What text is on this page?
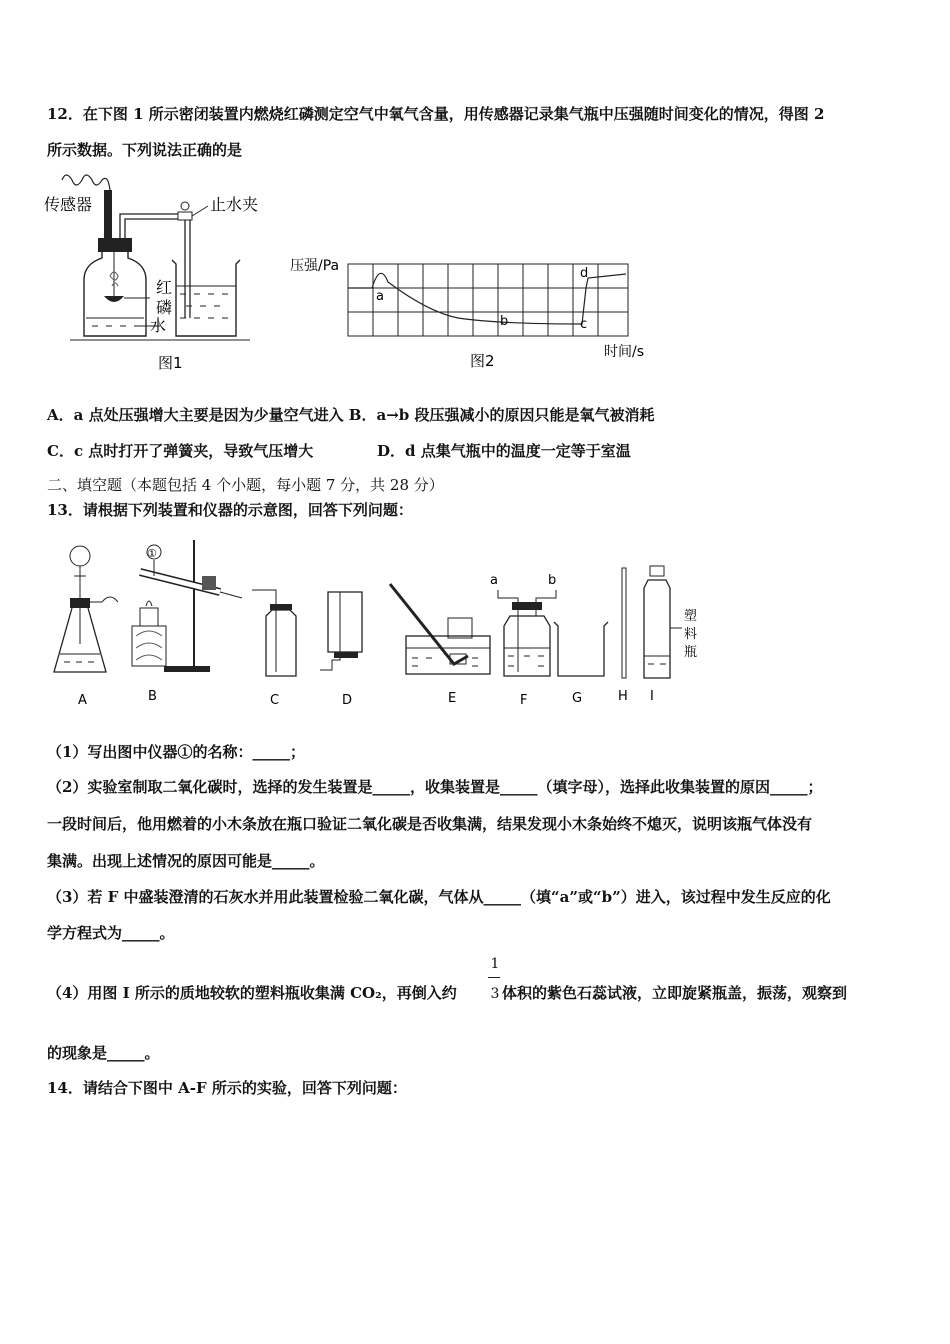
12．在下图 1 所示密闭装置内燃烧红磷测定空气中氧气含量，用传感器记录集气瓶中压强随时间变化的情况，得图 2
所示数据。下列说法正确的是
传感器	止水夹
红
磷
水
图1
压强/Pa
a
b	c
d
时间/s
图2
A．a 点处压强增大主要是因为少量空气进入 B．a→b 段压强减小的原因只能是氧气被消耗
C．c 点时打开了弹簧夹，导致气压增大	D．d 点集气瓶中的温度一定等于室温
二、填空题（本题包括 4 个小题，每小题 7 分，共 28 分）
13．请根据下列装置和仪器的示意图，回答下列问题：
①
a	b
塑
料
瓶
A	B	C	D	E	F	G	H I
（1）写出图中仪器①的名称：_____；
（2）实验室制取二氧化碳时，选择的发生装置是_____，收集装置是_____（填字母），选择此收集装置的原因_____；
一段时间后，他用燃着的小木条放在瓶口验证二氧化碳是否收集满，结果发现小木条始终不熄灭，说明该瓶气体没有
集满。出现上述情况的原因可能是_____。
（3）若 F 中盛装澄清的石灰水并用此装置检验二氧化碳，气体从_____（填“a”或“b”）进入，该过程中发生反应的化
学方程式为_____。
（4）用图 I 所示的质地较软的塑料瓶收集满 CO₂，再倒入约
1
3 体积的紫色石蕊试液，立即旋紧瓶盖，振荡，观察到
的现象是_____。
14．请结合下图中 A-F 所示的实验，回答下列问题：
